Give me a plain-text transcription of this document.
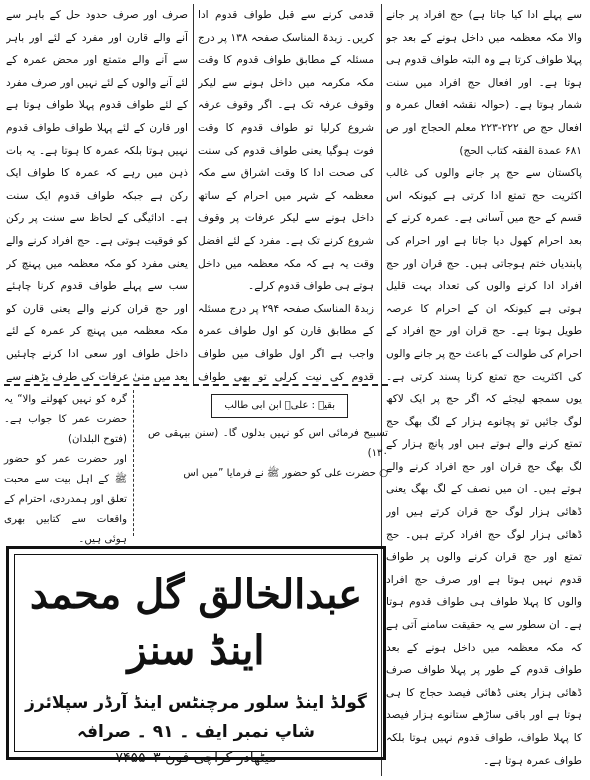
سے پہلے ادا کیا جاتا ہے) حج افراد پر جانے والا مکہ معظمہ میں داخل ہونے کے بعد جو پہلا طواف کرتا ہے وہ البتہ طواف قدوم ہی ہوتا ہے۔ اور افعال حج افراد میں سنت شمار ہوتا ہے۔ (حوالہ نقشہ افعال عمرہ و افعال حج ص ۲۲۲-۲۲۳ معلم الحجاج اور ص ۶۸۱ عمدة الفقہ کتاب الحج)
پاکستان سے حج پر جانے والوں کی غالب اکثریت حج تمتع ادا کرتی ہے کیونکہ اس قسم کے حج میں آسانی ہے۔ عمرہ کرنے کے بعد احرام کھول دیا جاتا ہے اور احرام کی پابندیاں ختم ہوجاتی ہیں۔ حج قران اور حج افراد ادا کرنے والوں کی تعداد بہت قلیل ہوتی ہے کیونکہ ان کے احرام کا عرصہ طویل ہوتا ہے۔ حج قران اور حج افراد کے احرام کی طوالت کے باعث حج پر جانے والوں کی اکثریت حج تمتع کرنا پسند کرتی ہے۔ یوں سمجھ لیجئے کہ اگر حج پر ایک لاکھ لوگ جائیں تو پچانوے ہزار کے لگ بھگ حج تمتع کرنے والے ہوتے ہیں اور پانچ ہزار کے لگ بھگ حج قران اور حج افراد کرنے والے ہوتے ہیں۔ ان میں نصف کے لگ بھگ یعنی ڈھائی ہزار لوگ حج قران کرتے ہیں اور ڈھائی ہزار لوگ حج افراد کرتے ہیں۔ حج تمتع اور حج قران کرنے والوں پر طواف قدوم نہیں ہوتا ہے اور صرف حج افراد والوں کا پہلا طواف ہی طواف قدوم ہوتا ہے۔ ان سطور سے یہ حقیقت سامنے آتی ہے کہ مکہ معظمہ میں داخل ہونے کے بعد طواف قدوم کے طور پر پہلا طواف صرف ڈھائی ہزار یعنی ڈھائی فیصد حجاج کا ہی ہوتا ہے اور باقی ساڑھے ستانوے ہزار فیصد کا پہلا طواف، طواف قدوم نہیں ہوتا بلکہ طواف عمرہ ہوتا ہے۔

قدمی کرنے سے قبل طواف قدوم ادا کریں۔ زبدۃ المناسک صفحہ ۱۳۸ پر درج مسئلہ کے مطابق طواف قدوم کا وقت مکہ مکرمہ میں داخل ہونے سے لیکر وقوف عرفہ تک ہے۔ اگر وقوف عرفہ شروع کرلیا تو طواف قدوم کا وقت فوت ہوگیا یعنی طواف قدوم کی سنت کی صحت ادا کا وقت اشراق سے مکہ معظمہ کے شہر میں احرام کے ساتھ داخل ہونے سے لیکر عرفات پر وقوف شروع کرنے تک ہے۔ مفرد کے لئے افضل وقت یہ ہے کہ مکہ معظمہ میں داخل ہوتے ہی طواف قدوم کرلے۔
زبدۃ المناسک صفحہ ۲۹۴ پر درج مسئلہ کے مطابق قارن کو اول طواف عمرہ واجب ہے اگر اول طواف میں طواف قدوم کی نیت کرلی تو بھی طواف

صرف اور صرف حدود حل کے باہر سے آنے والے قارن اور مفرد کے لئے اور باہر سے آنے والے متمتع اور محض عمرہ کے لئے آنے والوں کے لئے نہیں اور صرف مفرد کے لئے طواف قدوم پہلا طواف ہوتا ہے اور قارن کے لئے پہلا طواف طواف قدوم نہیں ہوتا بلکہ عمرہ کا ہوتا ہے۔ یہ بات ذہن میں رہے کہ عمرہ کا طواف ایک رکن ہے جبکہ طواف قدوم ایک سنت ہے۔ ادائیگی کے لحاظ سے سنت پر رکن کو فوقیت ہوتی ہے۔ حج افراد کرنے والے یعنی مفرد کو مکہ معظمہ میں پہنچ کر سب سے پہلے طواف قدوم کرنا چاہئے اور حج قران کرنے والے یعنی قارن کو مکہ معظمہ میں پہنچ کر عمرہ کے لئے داخل طواف اور سعی ادا کرنے چاہئیں بعد میں منیٰ عرفات کی طرف بڑھنے سے

بقیہ : علیؓ ابن ابی طالب
تسبیح فرمائی اس کو نہیں بدلوں گا۔ (سنن بیہقی ص ۱۳۰)
○ حضرت علی کو حضور ﷺ نے فرمایا ”میں اس
گرہ کو نہیں کھولنے والا“ یہ حضرت عمر کا جواب ہے۔ (فتوح البلدان)
اور حضرت عمر کو حضور ﷺ کے اہل بیت سے محبت تعلق اور ہمدردی، احترام کے واقعات سے کتابیں بھری ہوئی ہیں۔
عبدالخالق گل محمد اینڈ سنز
گولڈ اینڈ سلور مرچنٹس اینڈ آرڈر سپلائرز
شاپ نمبر ایف ۔ ۹۱ ۔ صرافہ
میٹھادر کراچی فون ۷۴۵۵۰۳
